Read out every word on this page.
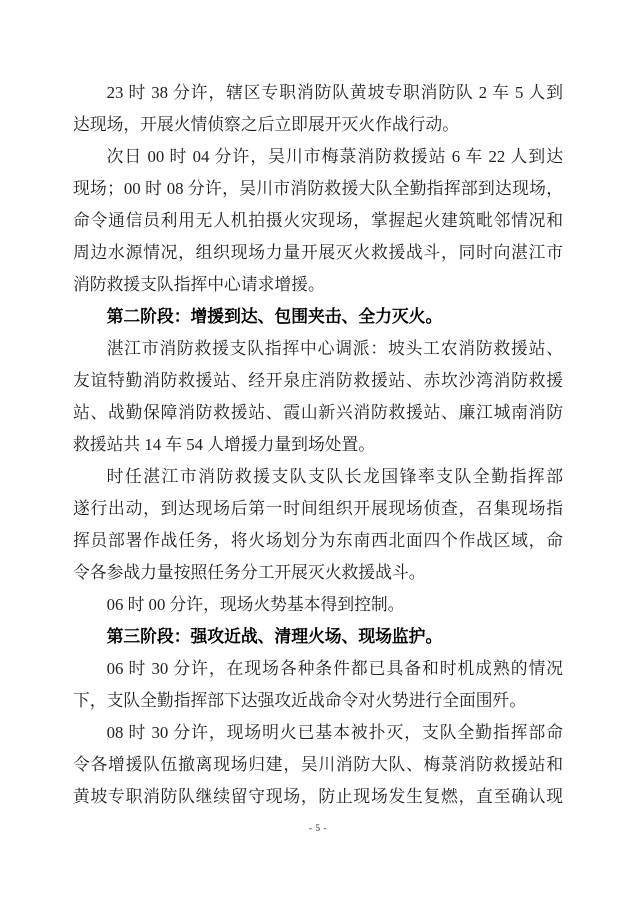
23 时 38 分许，辖区专职消防队黄坡专职消防队 2 车 5 人到

达现场，开展火情侦察之后立即展开灭火作战行动。

次日 00 时 04 分许，吴川市梅菉消防救援站 6 车 22 人到达

现场；00 时 08 分许，吴川市消防救援大队全勤指挥部到达现场，

命令通信员利用无人机拍摄火灾现场，掌握起火建筑毗邻情况和

周边水源情况，组织现场力量开展灭火救援战斗，同时向湛江市

消防救援支队指挥中心请求增援。

第二阶段：增援到达、包围夹击、全力灭火。

湛江市消防救援支队指挥中心调派：坡头工农消防救援站、

友谊特勤消防救援站、经开泉庄消防救援站、赤坎沙湾消防救援

站、战勤保障消防救援站、霞山新兴消防救援站、廉江城南消防

救援站共 14 车 54 人增援力量到场处置。

时任湛江市消防救援支队支队长龙国锋率支队全勤指挥部

遂行出动，到达现场后第一时间组织开展现场侦查，召集现场指

挥员部署作战任务，将火场划分为东南西北面四个作战区域，命

令各参战力量按照任务分工开展灭火救援战斗。

06 时 00 分许，现场火势基本得到控制。

第三阶段：强攻近战、清理火场、现场监护。

06 时 30 分许，在现场各种条件都已具备和时机成熟的情况

下，支队全勤指挥部下达强攻近战命令对火势进行全面围歼。

08 时 30 分许，现场明火已基本被扑灭，支队全勤指挥部命

令各增援队伍撤离现场归建，吴川消防大队、梅菉消防救援站和

黄坡专职消防队继续留守现场，防止现场发生复燃，直至确认现

- 5 -
